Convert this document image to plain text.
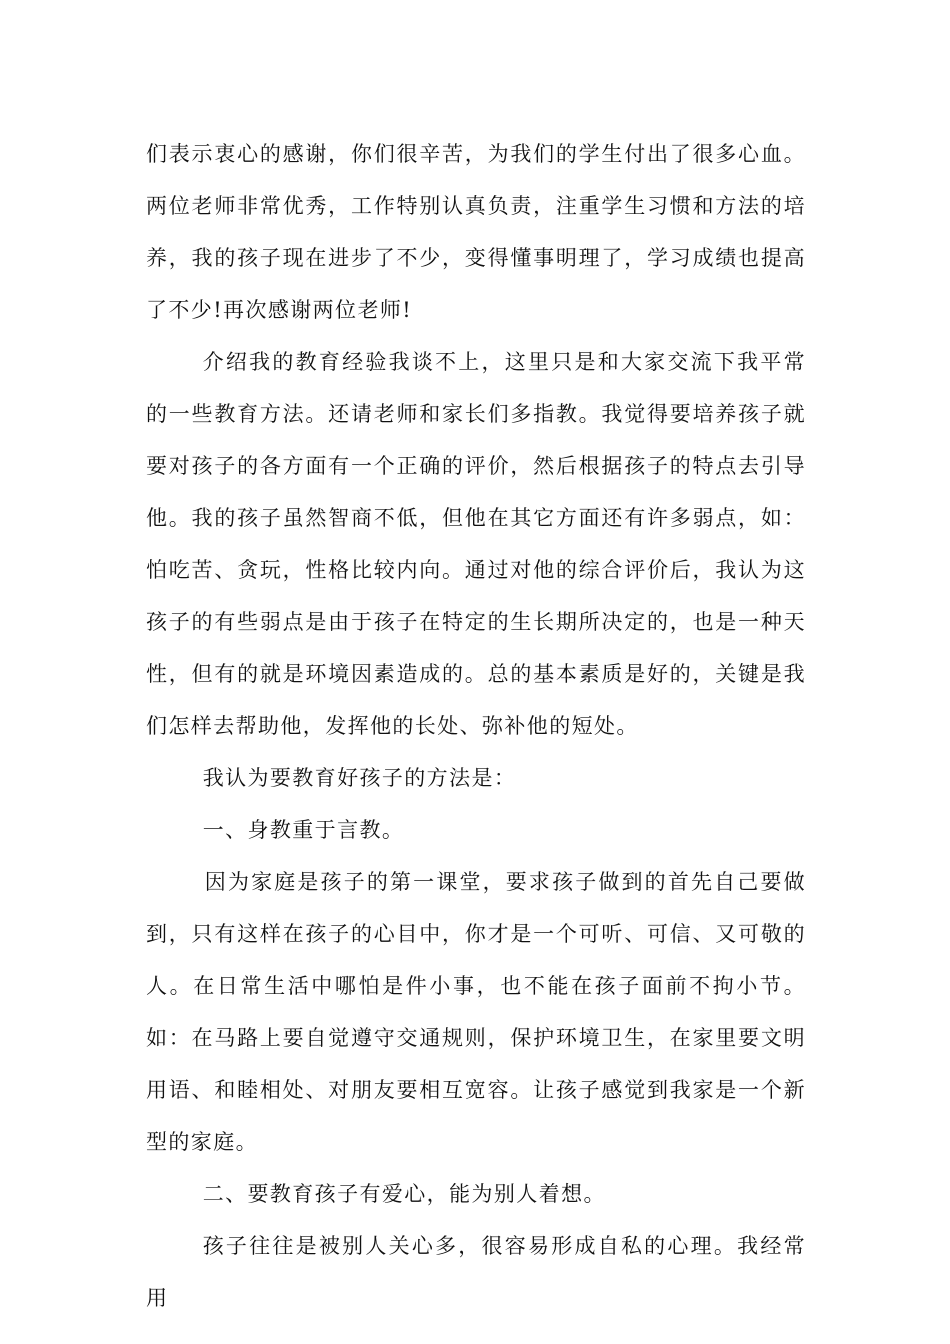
们表示衷心的感谢，你们很辛苦，为我们的学生付出了很多心血。两位老师非常优秀，工作特别认真负责，注重学生习惯和方法的培养，我的孩子现在进步了不少，变得懂事明理了，学习成绩也提高了不少!再次感谢两位老师!

介绍我的教育经验我谈不上，这里只是和大家交流下我平常的一些教育方法。还请老师和家长们多指教。我觉得要培养孩子就要对孩子的各方面有一个正确的评价，然后根据孩子的特点去引导他。我的孩子虽然智商不低，但他在其它方面还有许多弱点，如：怕吃苦、贪玩，性格比较内向。通过对他的综合评价后，我认为这孩子的有些弱点是由于孩子在特定的生长期所决定的，也是一种天性，但有的就是环境因素造成的。总的基本素质是好的，关键是我们怎样去帮助他，发挥他的长处、弥补他的短处。

我认为要教育好孩子的方法是：

一、身教重于言教。

因为家庭是孩子的第一课堂，要求孩子做到的首先自己要做到，只有这样在孩子的心目中，你才是一个可听、可信、又可敬的人。在日常生活中哪怕是件小事，也不能在孩子面前不拘小节。如：在马路上要自觉遵守交通规则，保护环境卫生，在家里要文明用语、和睦相处、对朋友要相互宽容。让孩子感觉到我家是一个新型的家庭。

二、要教育孩子有爱心，能为别人着想。

孩子往往是被别人关心多，很容易形成自私的心理。我经常用
